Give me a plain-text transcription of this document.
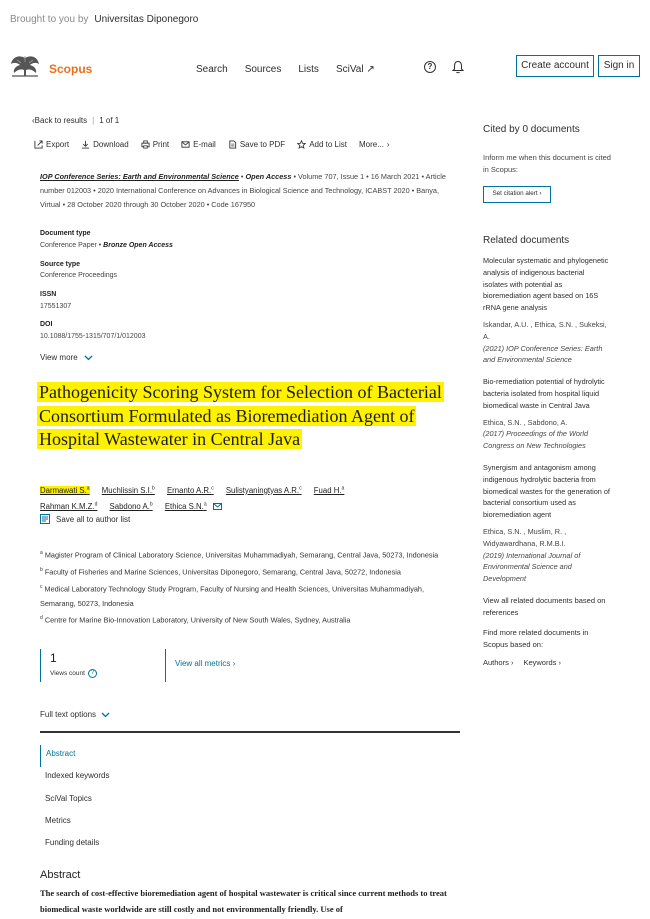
Brought to you by Universitas Diponegoro
Scopus	Search Sources Lists SciVal ↗	?	Create account	Sign in
‹Back to results | 1 of 1
Export	Download	Print	E-mail	Save to PDF	Add to List More... ›
IOP Conference Series: Earth and Environmental Science • Open Access • Volume 707, Issue 1 • 16 March 2021 • Article number 012003 • 2020 International Conference on Advances in Biological Science and Technology, ICABST 2020 • Banya, Virtual • 28 October 2020 through 30 October 2020 • Code 167950
Document type
Conference Paper • Bronze Open Access
Source type
Conference Proceedings
ISSN
17551307
DOI
10.1088/1755-1315/707/1/012003
View more
Pathogenicity Scoring System for Selection of Bacterial Consortium Formulated as Bioremediation Agent of Hospital Wastewater in Central Java
Darmawati S.$^a$ Muchlissin S.I.$^b$ Ernanto A.R.$^c$ Sulistyaningtyas A.R.$^c$ Fuad H.$^a$
Rahman K.M.Z.$^d$ Sabdono A.$^b$ Ethica S.N.$^a$
Save all to author list

$^a$ Magister Program of Clinical Laboratory Science, Universitas Muhammadiyah, Semarang, Central Java, 50273, Indonesia

$^b$ Faculty of Fisheries and Marine Sciences, Universitas Diponegoro, Semarang, Central Java, 50272, Indonesia

$^c$ Medical Laboratory Technology Study Program, Faculty of Nursing and Health Sciences, Universitas Muhammadiyah, Semarang, 50273, Indonesia

$^d$ Centre for Marine Bio-Innovation Laboratory, University of New South Wales, Sydney, Australia

1
Views count ?
View all metrics ›
Full text options
Abstract
Indexed keywords
SciVal Topics
Metrics
Funding details
Abstract
The search of cost-effective bioremediation agent of hospital wastewater is critical since current methods to treat biomedical waste worldwide are still costly and not environmentally friendly. Use of
Cited by 0 documents
Inform me when this document is cited in Scopus:
Set citation alert ›
Related documents
Molecular systematic and phylogenetic analysis of indigenous bacterial isolates with potential as bioremediation agent based on 16S rRNA gene analysis
Iskandar, A.U. , Ethica, S.N. , Sukeksi, A.
(2021) IOP Conference Series: Earth and Environmental Science
Bio-remediation potential of hydrolytic bacteria isolated from hospital liquid biomedical waste in Central Java
Ethica, S.N. , Sabdono, A.
(2017) Proceedings of the World Congress on New Technologies
Synergism and antagonism among indigenous hydrolytic bacteria from biomedical wastes for the generation of bacterial consortium used as bioremediation agent
Ethica, S.N. , Muslim, R. , Widyawardhana, R.M.B.I.
(2019) International Journal of Environmental Science and Development
View all related documents based on references
Find more related documents in Scopus based on:
Authors › Keywords ›
